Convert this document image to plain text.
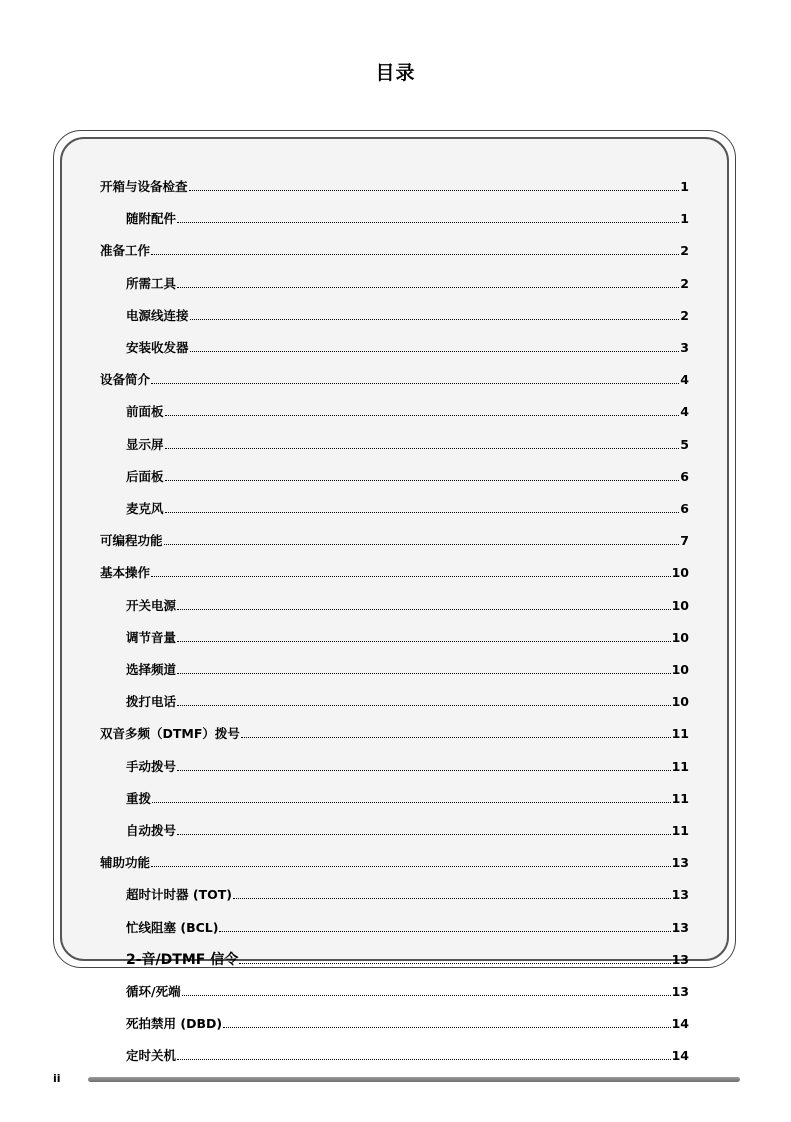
目录
开箱与设备检查	1
随附配件	1
准备工作	2
所需工具	2
电源线连接	2
安装收发器	3
设备简介	4
前面板	4
显示屏	5
后面板	6
麦克风	6
可编程功能	7
基本操作	10
开关电源	10
调节音量	10
选择频道	10
拨打电话	10
双音多频（DTMF）拨号	11
手动拨号	11
重拨	11
自动拨号	11
辅助功能	13
超时计时器 (TOT)	13
忙线阻塞 (BCL)	13
2-音/DTMF 信令	13
循环/死端	13
死拍禁用 (DBD)	14
定时关机	14
ii
